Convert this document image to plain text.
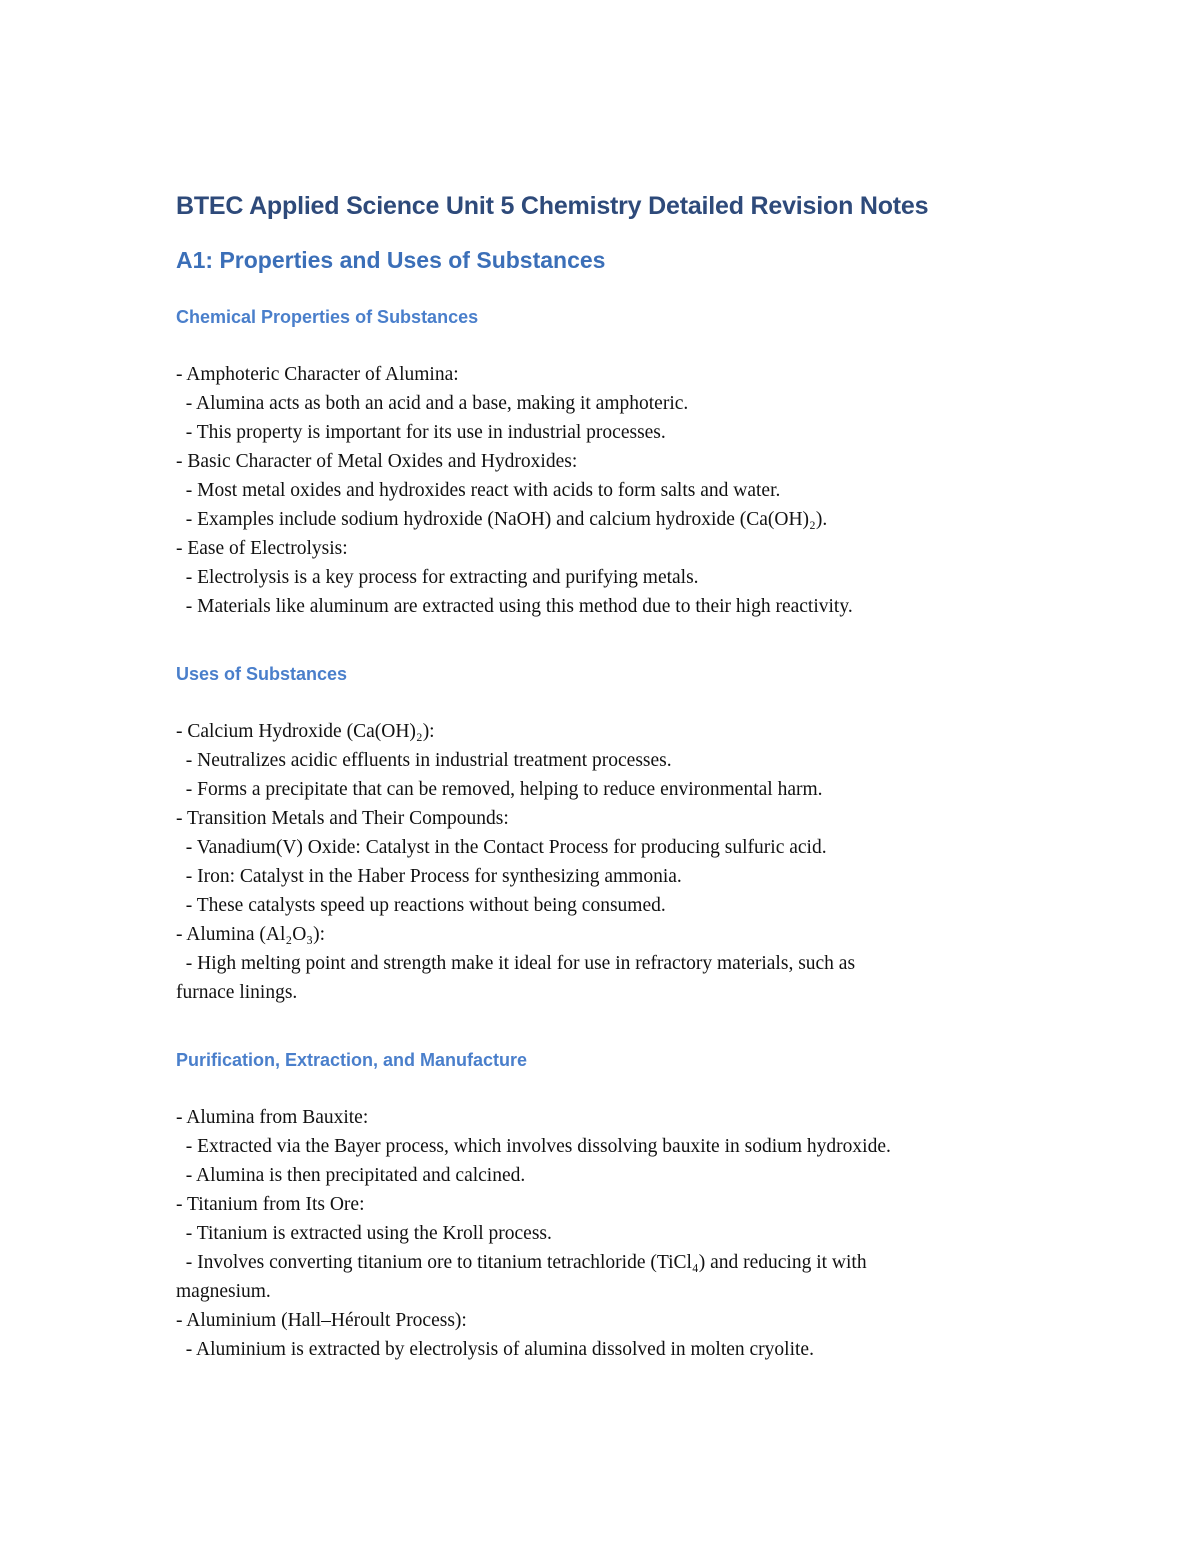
BTEC Applied Science Unit 5 Chemistry Detailed Revision Notes
A1: Properties and Uses of Substances
Chemical Properties of Substances

- Amphoteric Character of Alumina:

- Alumina acts as both an acid and a base, making it amphoteric.

- This property is important for its use in industrial processes.

- Basic Character of Metal Oxides and Hydroxides:

- Most metal oxides and hydroxides react with acids to form salts and water.

- Examples include sodium hydroxide (NaOH) and calcium hydroxide (Ca(OH)₂).

- Ease of Electrolysis:

- Electrolysis is a key process for extracting and purifying metals.

- Materials like aluminum are extracted using this method due to their high reactivity.

Uses of Substances

- Calcium Hydroxide (Ca(OH)₂):

- Neutralizes acidic effluents in industrial treatment processes.

- Forms a precipitate that can be removed, helping to reduce environmental harm.

- Transition Metals and Their Compounds:

- Vanadium(V) Oxide: Catalyst in the Contact Process for producing sulfuric acid.

- Iron: Catalyst in the Haber Process for synthesizing ammonia.

- These catalysts speed up reactions without being consumed.

- Alumina (Al₂O₃):

- High melting point and strength make it ideal for use in refractory materials, such as

furnace linings.

Purification, Extraction, and Manufacture

- Alumina from Bauxite:

- Extracted via the Bayer process, which involves dissolving bauxite in sodium hydroxide.

- Alumina is then precipitated and calcined.

- Titanium from Its Ore:

- Titanium is extracted using the Kroll process.

- Involves converting titanium ore to titanium tetrachloride (TiCl₄) and reducing it with

magnesium.

- Aluminium (Hall–Héroult Process):

- Aluminium is extracted by electrolysis of alumina dissolved in molten cryolite.
